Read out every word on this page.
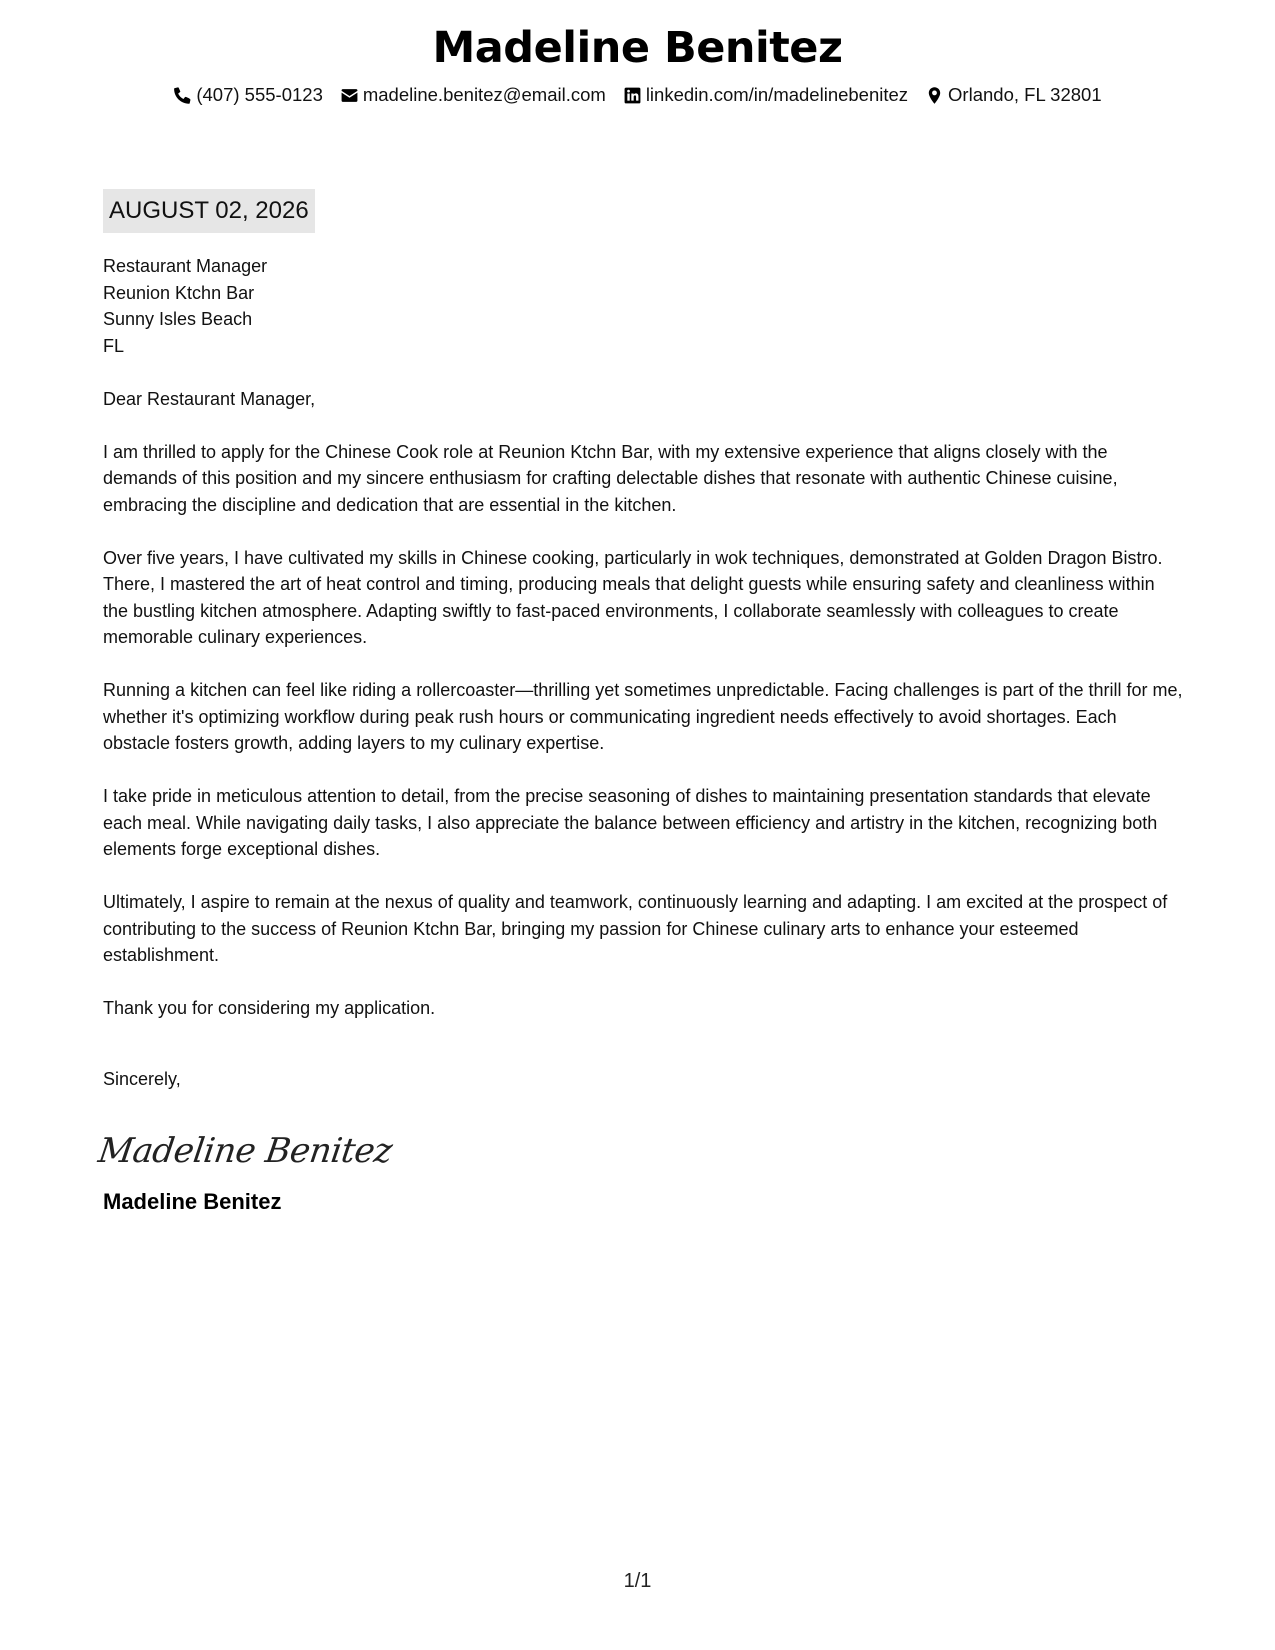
Madeline Benitez
(407) 555-0123 madeline.benitez@email.com linkedin.com/in/madelinebenitez Orlando, FL 32801
AUGUST 02, 2026
Restaurant Manager
Reunion Ktchn Bar
Sunny Isles Beach
FL

Dear Restaurant Manager,

I am thrilled to apply for the Chinese Cook role at Reunion Ktchn Bar, with my extensive experience that aligns closely with the demands of this position and my sincere enthusiasm for crafting delectable dishes that resonate with authentic Chinese cuisine, embracing the discipline and dedication that are essential in the kitchen.

Over five years, I have cultivated my skills in Chinese cooking, particularly in wok techniques, demonstrated at Golden Dragon Bistro. There, I mastered the art of heat control and timing, producing meals that delight guests while ensuring safety and cleanliness within the bustling kitchen atmosphere. Adapting swiftly to fast-paced environments, I collaborate seamlessly with colleagues to create memorable culinary experiences.

Running a kitchen can feel like riding a rollercoaster—thrilling yet sometimes unpredictable. Facing challenges is part of the thrill for me, whether it's optimizing workflow during peak rush hours or communicating ingredient needs effectively to avoid shortages. Each obstacle fosters growth, adding layers to my culinary expertise.

I take pride in meticulous attention to detail, from the precise seasoning of dishes to maintaining presentation standards that elevate each meal. While navigating daily tasks, I also appreciate the balance between efficiency and artistry in the kitchen, recognizing both elements forge exceptional dishes.

Ultimately, I aspire to remain at the nexus of quality and teamwork, continuously learning and adapting. I am excited at the prospect of contributing to the success of Reunion Ktchn Bar, bringing my passion for Chinese culinary arts to enhance your esteemed establishment.

Thank you for considering my application.

Sincerely,

Madeline Benitez
Madeline Benitez
1/1
